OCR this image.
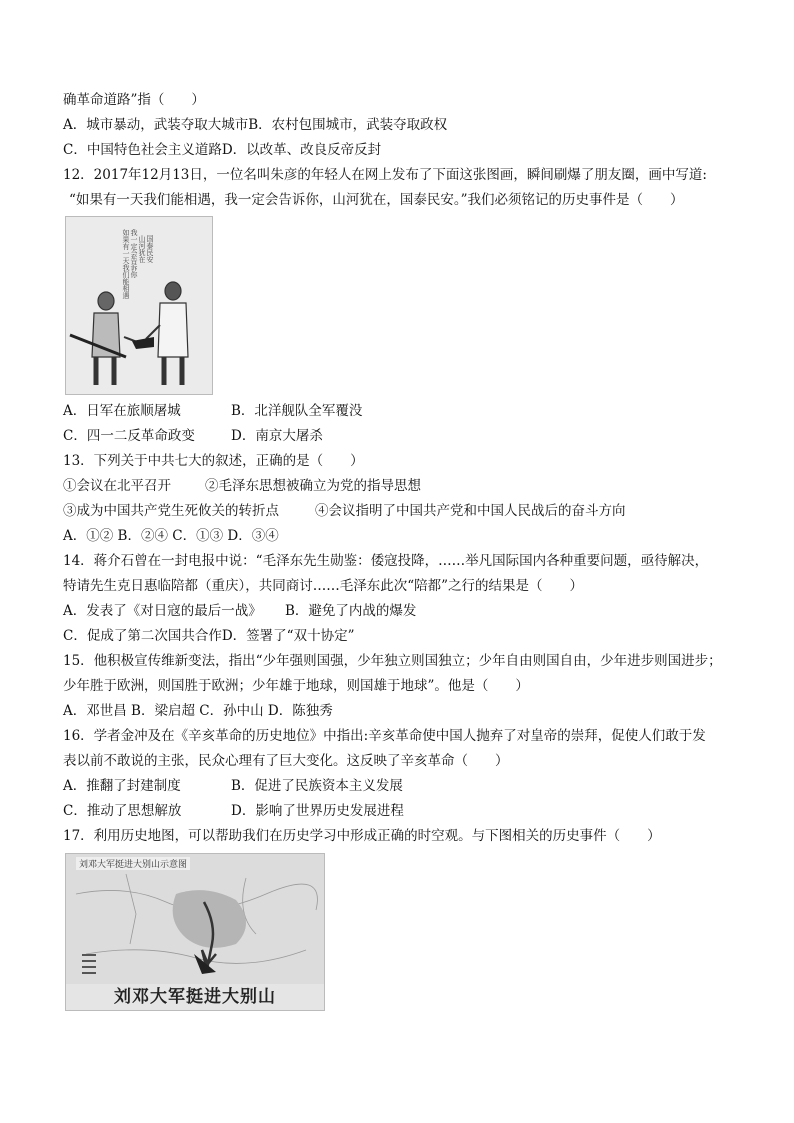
确革命道路”指（　　）
A．城市暴动，武装夺取大城市B．农村包围城市，武装夺取政权
C．中国特色社会主义道路D．以改革、改良反帝反封
12．2017年12月13日，一位名叫朱彦的年轻人在网上发布了下面这张图画，瞬间刷爆了朋友圈，画中写道:
“如果有一天我们能相遇，我一定会告诉你，山河犹在，国泰民安。”我们必须铭记的历史事件是（　　）
如果有一天我们能相遇 我一定会告诉你 山河犹在 国泰民安
A．日军在旅顺屠城	B．北洋舰队全军覆没
C．四一二反革命政变	D．南京大屠杀
13．下列关于中共七大的叙述，正确的是（　　）
①会议在北平召开	②毛泽东思想被确立为党的指导思想
③成为中国共产党生死攸关的转折点	④会议指明了中国共产党和中国人民战后的奋斗方向
A．①② B．②④ C．①③ D．③④
14．蒋介石曾在一封电报中说：“毛泽东先生勋鉴：倭寇投降，……举凡国际国内各种重要问题，亟待解决，
特请先生克日惠临陪都（重庆），共同商讨……毛泽东此次“陪都”之行的结果是（　　）
A．发表了《对日寇的最后一战》 B．避免了内战的爆发
C．促成了第二次国共合作D．签署了“双十协定”
15．他积极宣传维新变法，指出“少年强则国强，少年独立则国独立；少年自由则国自由，少年进步则国进步；
少年胜于欧洲，则国胜于欧洲；少年雄于地球，则国雄于地球”。他是（　　）
A．邓世昌 B．梁启超 C．孙中山 D．陈独秀
16．学者金冲及在《辛亥革命的历史地位》中指出:辛亥革命使中国人抛弃了对皇帝的崇拜，促使人们敢于发
表以前不敢说的主张，民众心理有了巨大变化。这反映了辛亥革命（　　）
A．推翻了封建制度	B．促进了民族资本主义发展
C．推动了思想解放	D．影响了世界历史发展进程
17．利用历史地图，可以帮助我们在历史学习中形成正确的时空观。与下图相关的历史事件（　　）
刘邓大军挺进大别山示意图
刘邓大军挺进大别山
